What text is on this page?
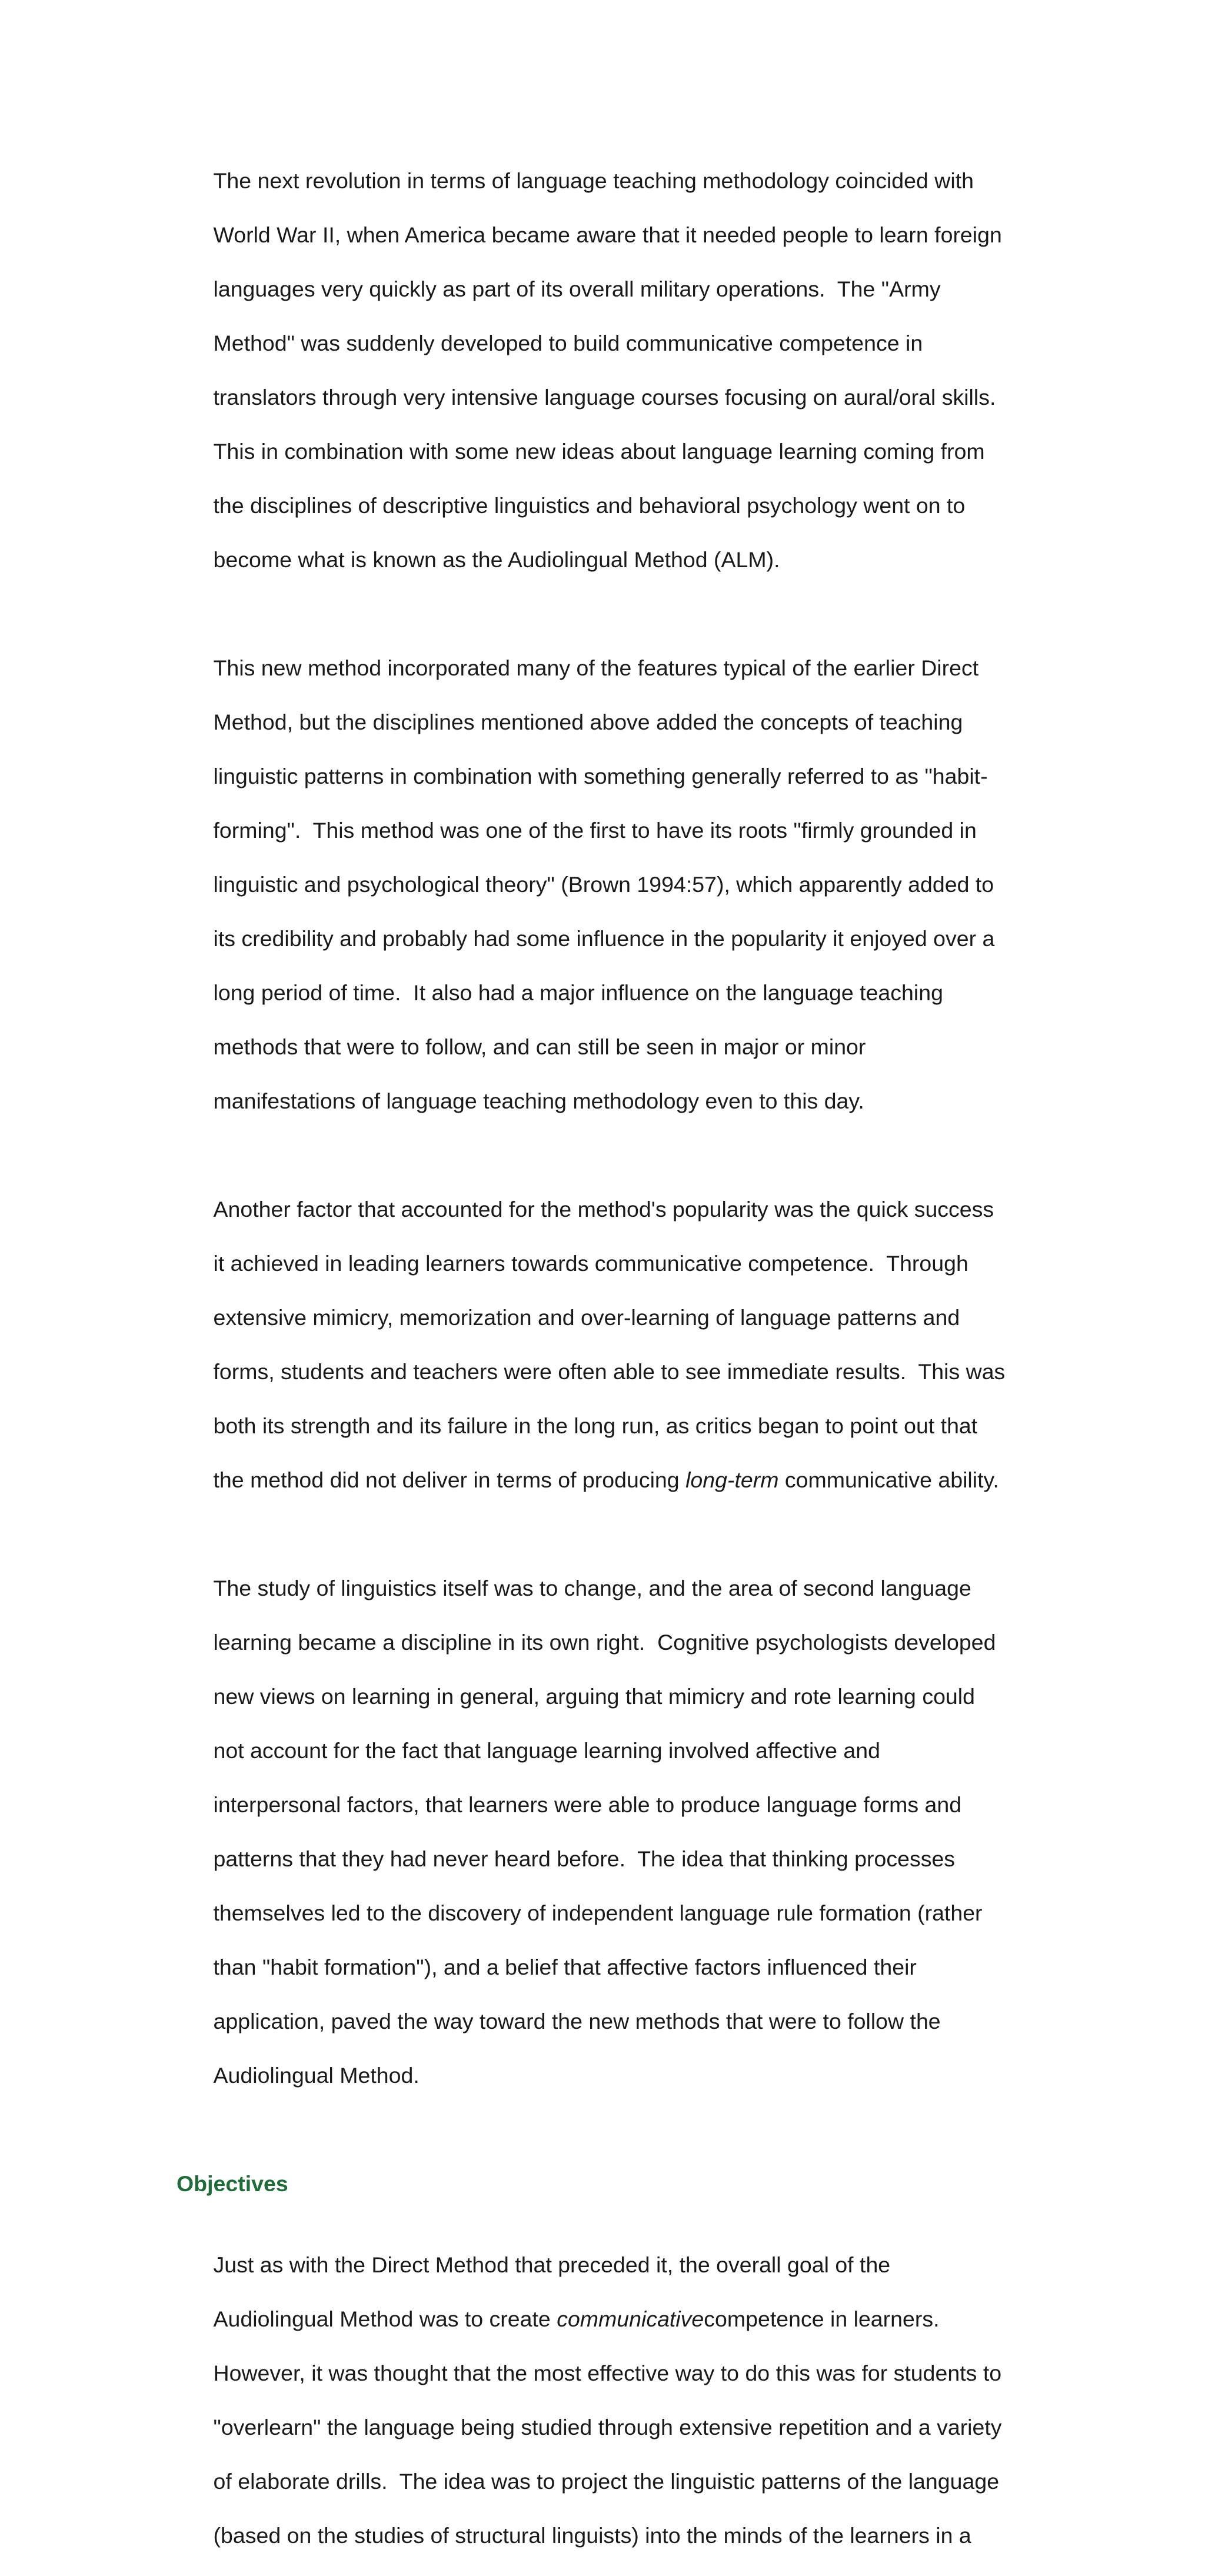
The next revolution in terms of language teaching methodology coincided with

World War II, when America became aware that it needed people to learn foreign

languages very quickly as part of its overall military operations.  The "Army

Method" was suddenly developed to build communicative competence in

translators through very intensive language courses focusing on aural/oral skills.

This in combination with some new ideas about language learning coming from

the disciplines of descriptive linguistics and behavioral psychology went on to

become what is known as the Audiolingual Method (ALM).

This new method incorporated many of the features typical of the earlier Direct

Method, but the disciplines mentioned above added the concepts of teaching

linguistic patterns in combination with something generally referred to as "habit-

forming".  This method was one of the first to have its roots "firmly grounded in

linguistic and psychological theory" (Brown 1994:57), which apparently added to

its credibility and probably had some influence in the popularity it enjoyed over a

long period of time.  It also had a major influence on the language teaching

methods that were to follow, and can still be seen in major or minor

manifestations of language teaching methodology even to this day.

Another factor that accounted for the method's popularity was the quick success

it achieved in leading learners towards communicative competence.  Through

extensive mimicry, memorization and over-learning of language patterns and

forms, students and teachers were often able to see immediate results.  This was

both its strength and its failure in the long run, as critics began to point out that

the method did not deliver in terms of producing long-term communicative ability.

The study of linguistics itself was to change, and the area of second language

learning became a discipline in its own right.  Cognitive psychologists developed

new views on learning in general, arguing that mimicry and rote learning could

not account for the fact that language learning involved affective and

interpersonal factors, that learners were able to produce language forms and

patterns that they had never heard before.  The idea that thinking processes

themselves led to the discovery of independent language rule formation (rather

than "habit formation"), and a belief that affective factors influenced their

application, paved the way toward the new methods that were to follow the

Audiolingual Method.

Objectives

Just as with the Direct Method that preceded it, the overall goal of the

Audiolingual Method was to create communicativecompetence in learners.

However, it was thought that the most effective way to do this was for students to

"overlearn" the language being studied through extensive repetition and a variety

of elaborate drills.  The idea was to project the linguistic patterns of the language

(based on the studies of structural linguists) into the minds of the learners in a
